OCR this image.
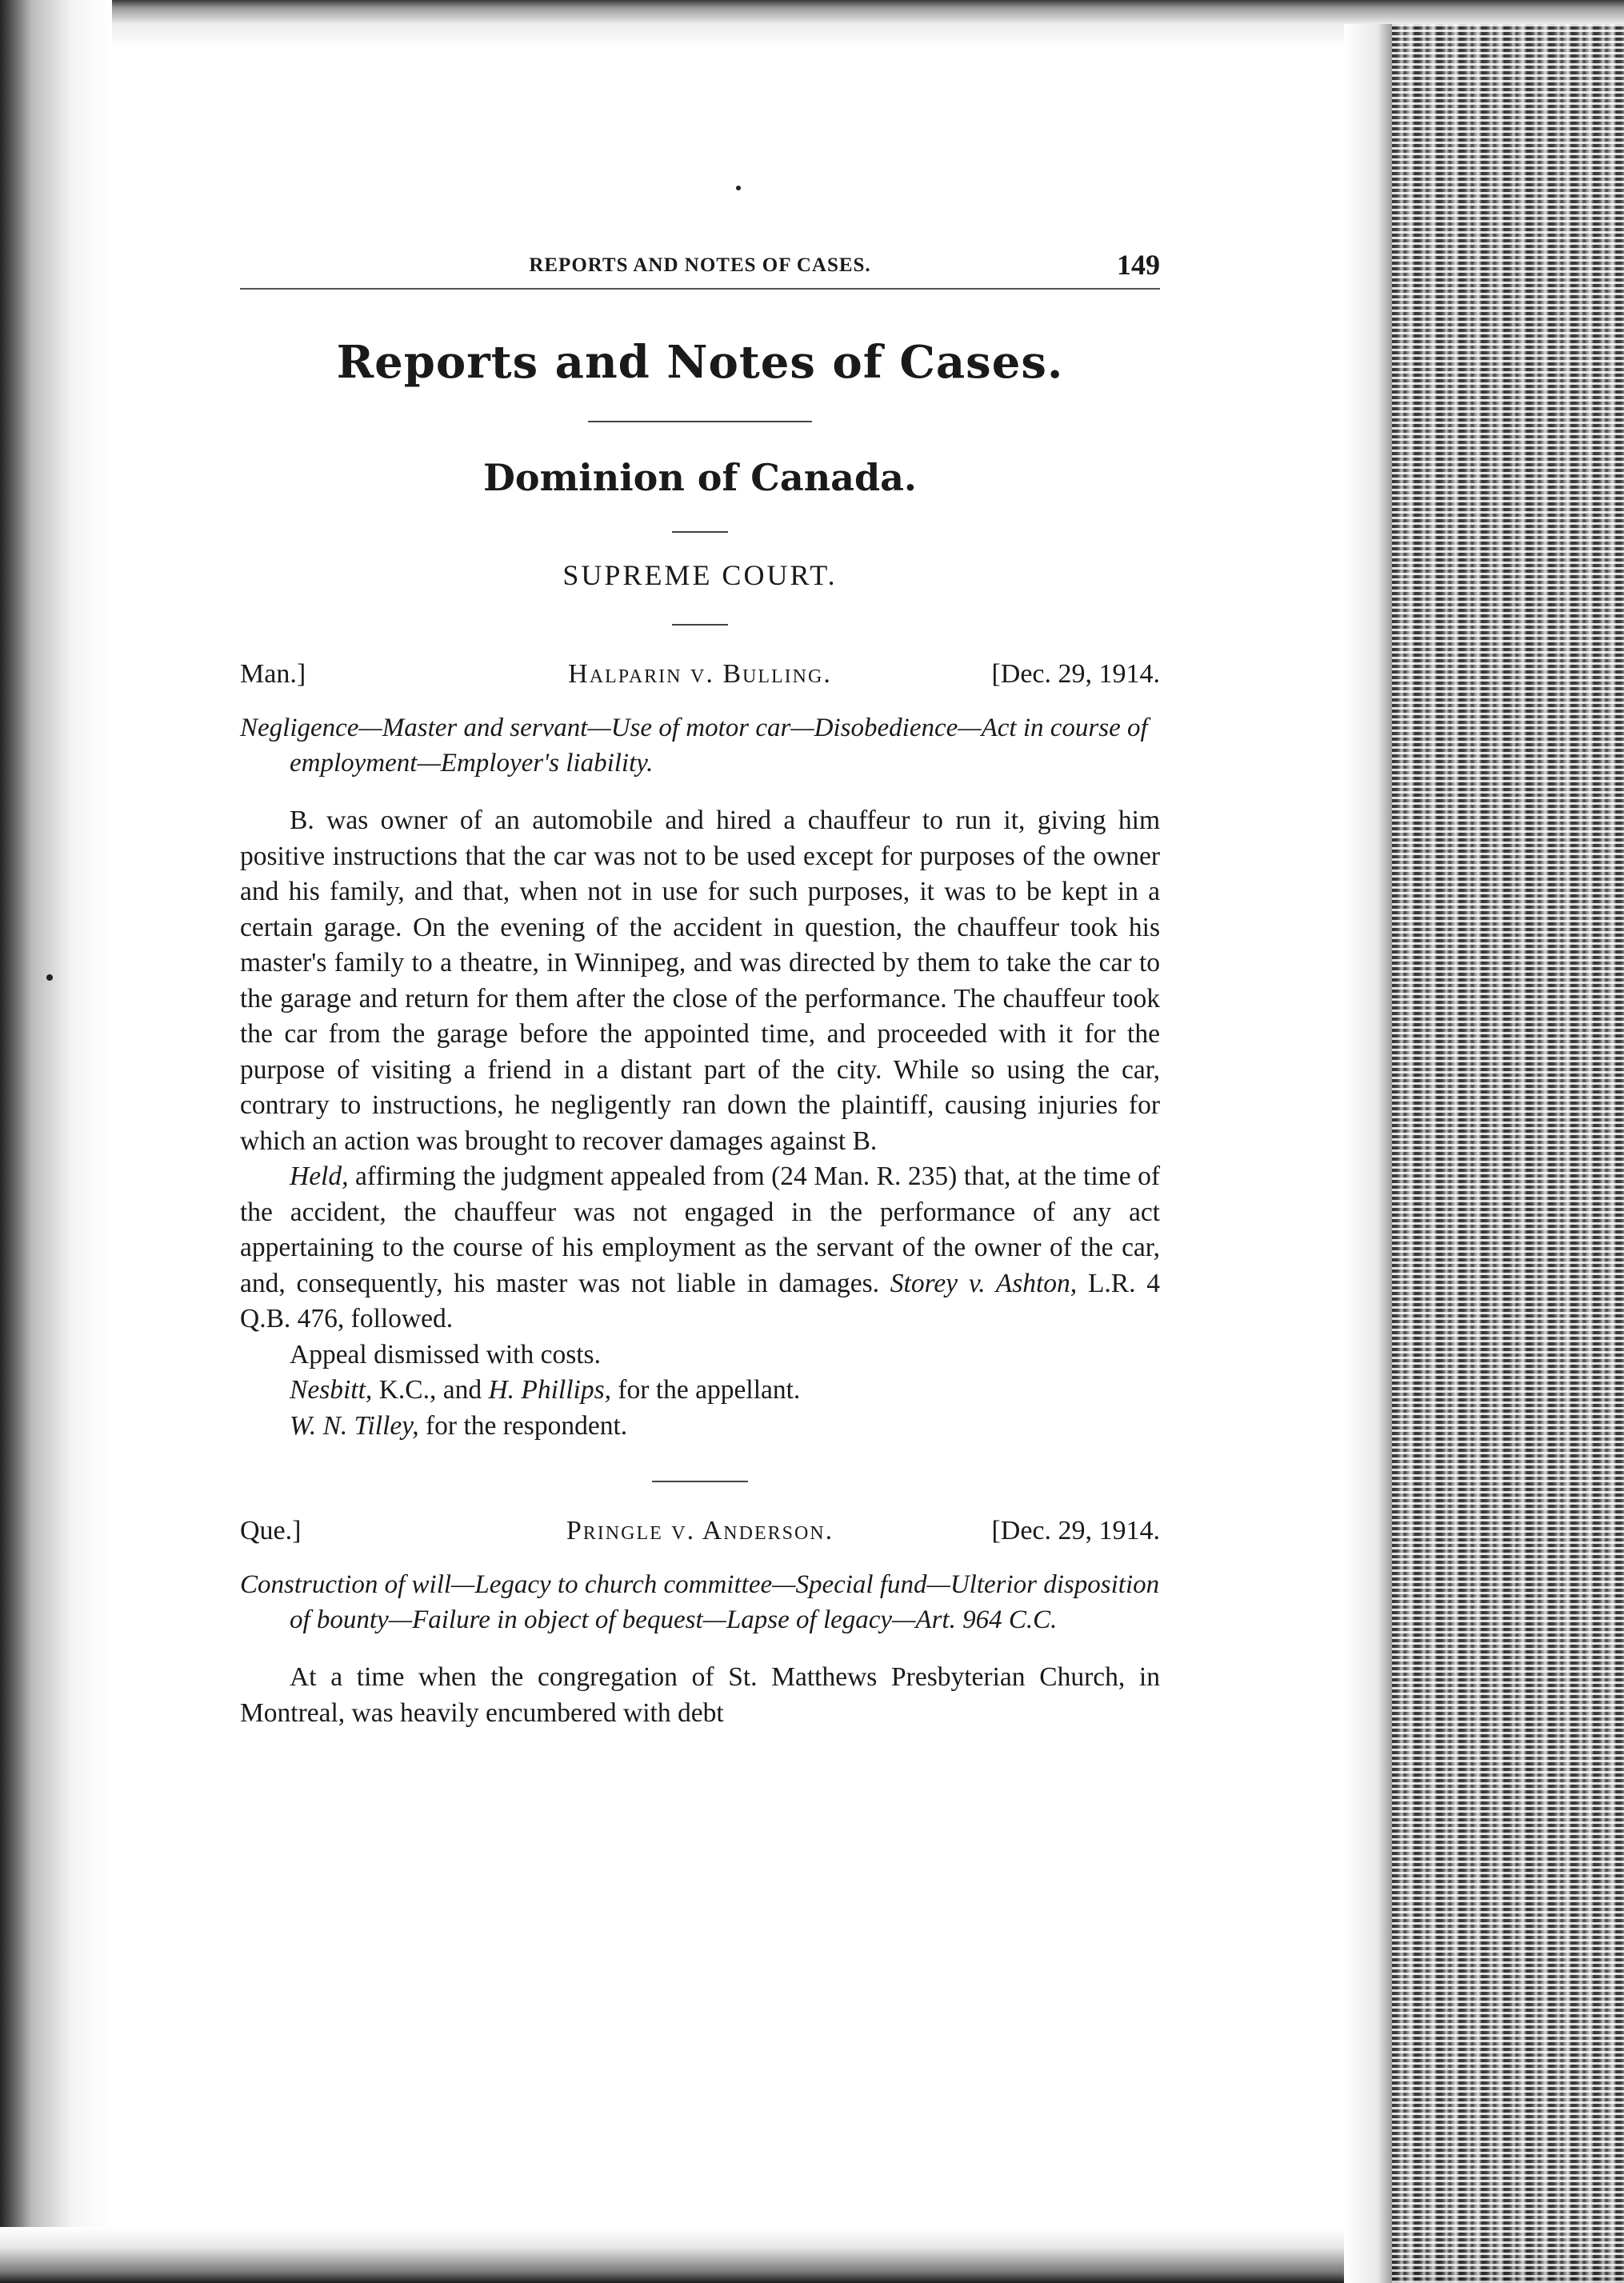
REPORTS AND NOTES OF CASES.	149
Reports and Notes of Cases.
Dominion of Canada.
SUPREME COURT.
Man.]	Halparin v. Bulling.	[Dec. 29, 1914.
Negligence—Master and servant—Use of motor car—Disobedience—Act in course of employment—Employer's liability.

B. was owner of an automobile and hired a chauffeur to run it, giving him positive instructions that the car was not to be used except for purposes of the owner and his family, and that, when not in use for such purposes, it was to be kept in a certain garage. On the evening of the accident in question, the chauffeur took his master's family to a theatre, in Winnipeg, and was directed by them to take the car to the garage and return for them after the close of the performance. The chauffeur took the car from the garage before the appointed time, and proceeded with it for the purpose of visiting a friend in a distant part of the city. While so using the car, contrary to instructions, he negligently ran down the plaintiff, causing injuries for which an action was brought to recover damages against B.

Held, affirming the judgment appealed from (24 Man. R. 235) that, at the time of the accident, the chauffeur was not engaged in the performance of any act appertaining to the course of his employment as the servant of the owner of the car, and, consequently, his master was not liable in damages. Storey v. Ashton, L.R. 4 Q.B. 476, followed.

Appeal dismissed with costs.

Nesbitt, K.C., and H. Phillips, for the appellant.

W. N. Tilley, for the respondent.

Que.]	Pringle v. Anderson.	[Dec. 29, 1914.
Construction of will—Legacy to church committee—Special fund—Ulterior disposition of bounty—Failure in object of bequest—Lapse of legacy—Art. 964 C.C.

At a time when the congregation of St. Matthews Presbyterian Church, in Montreal, was heavily encumbered with debt
